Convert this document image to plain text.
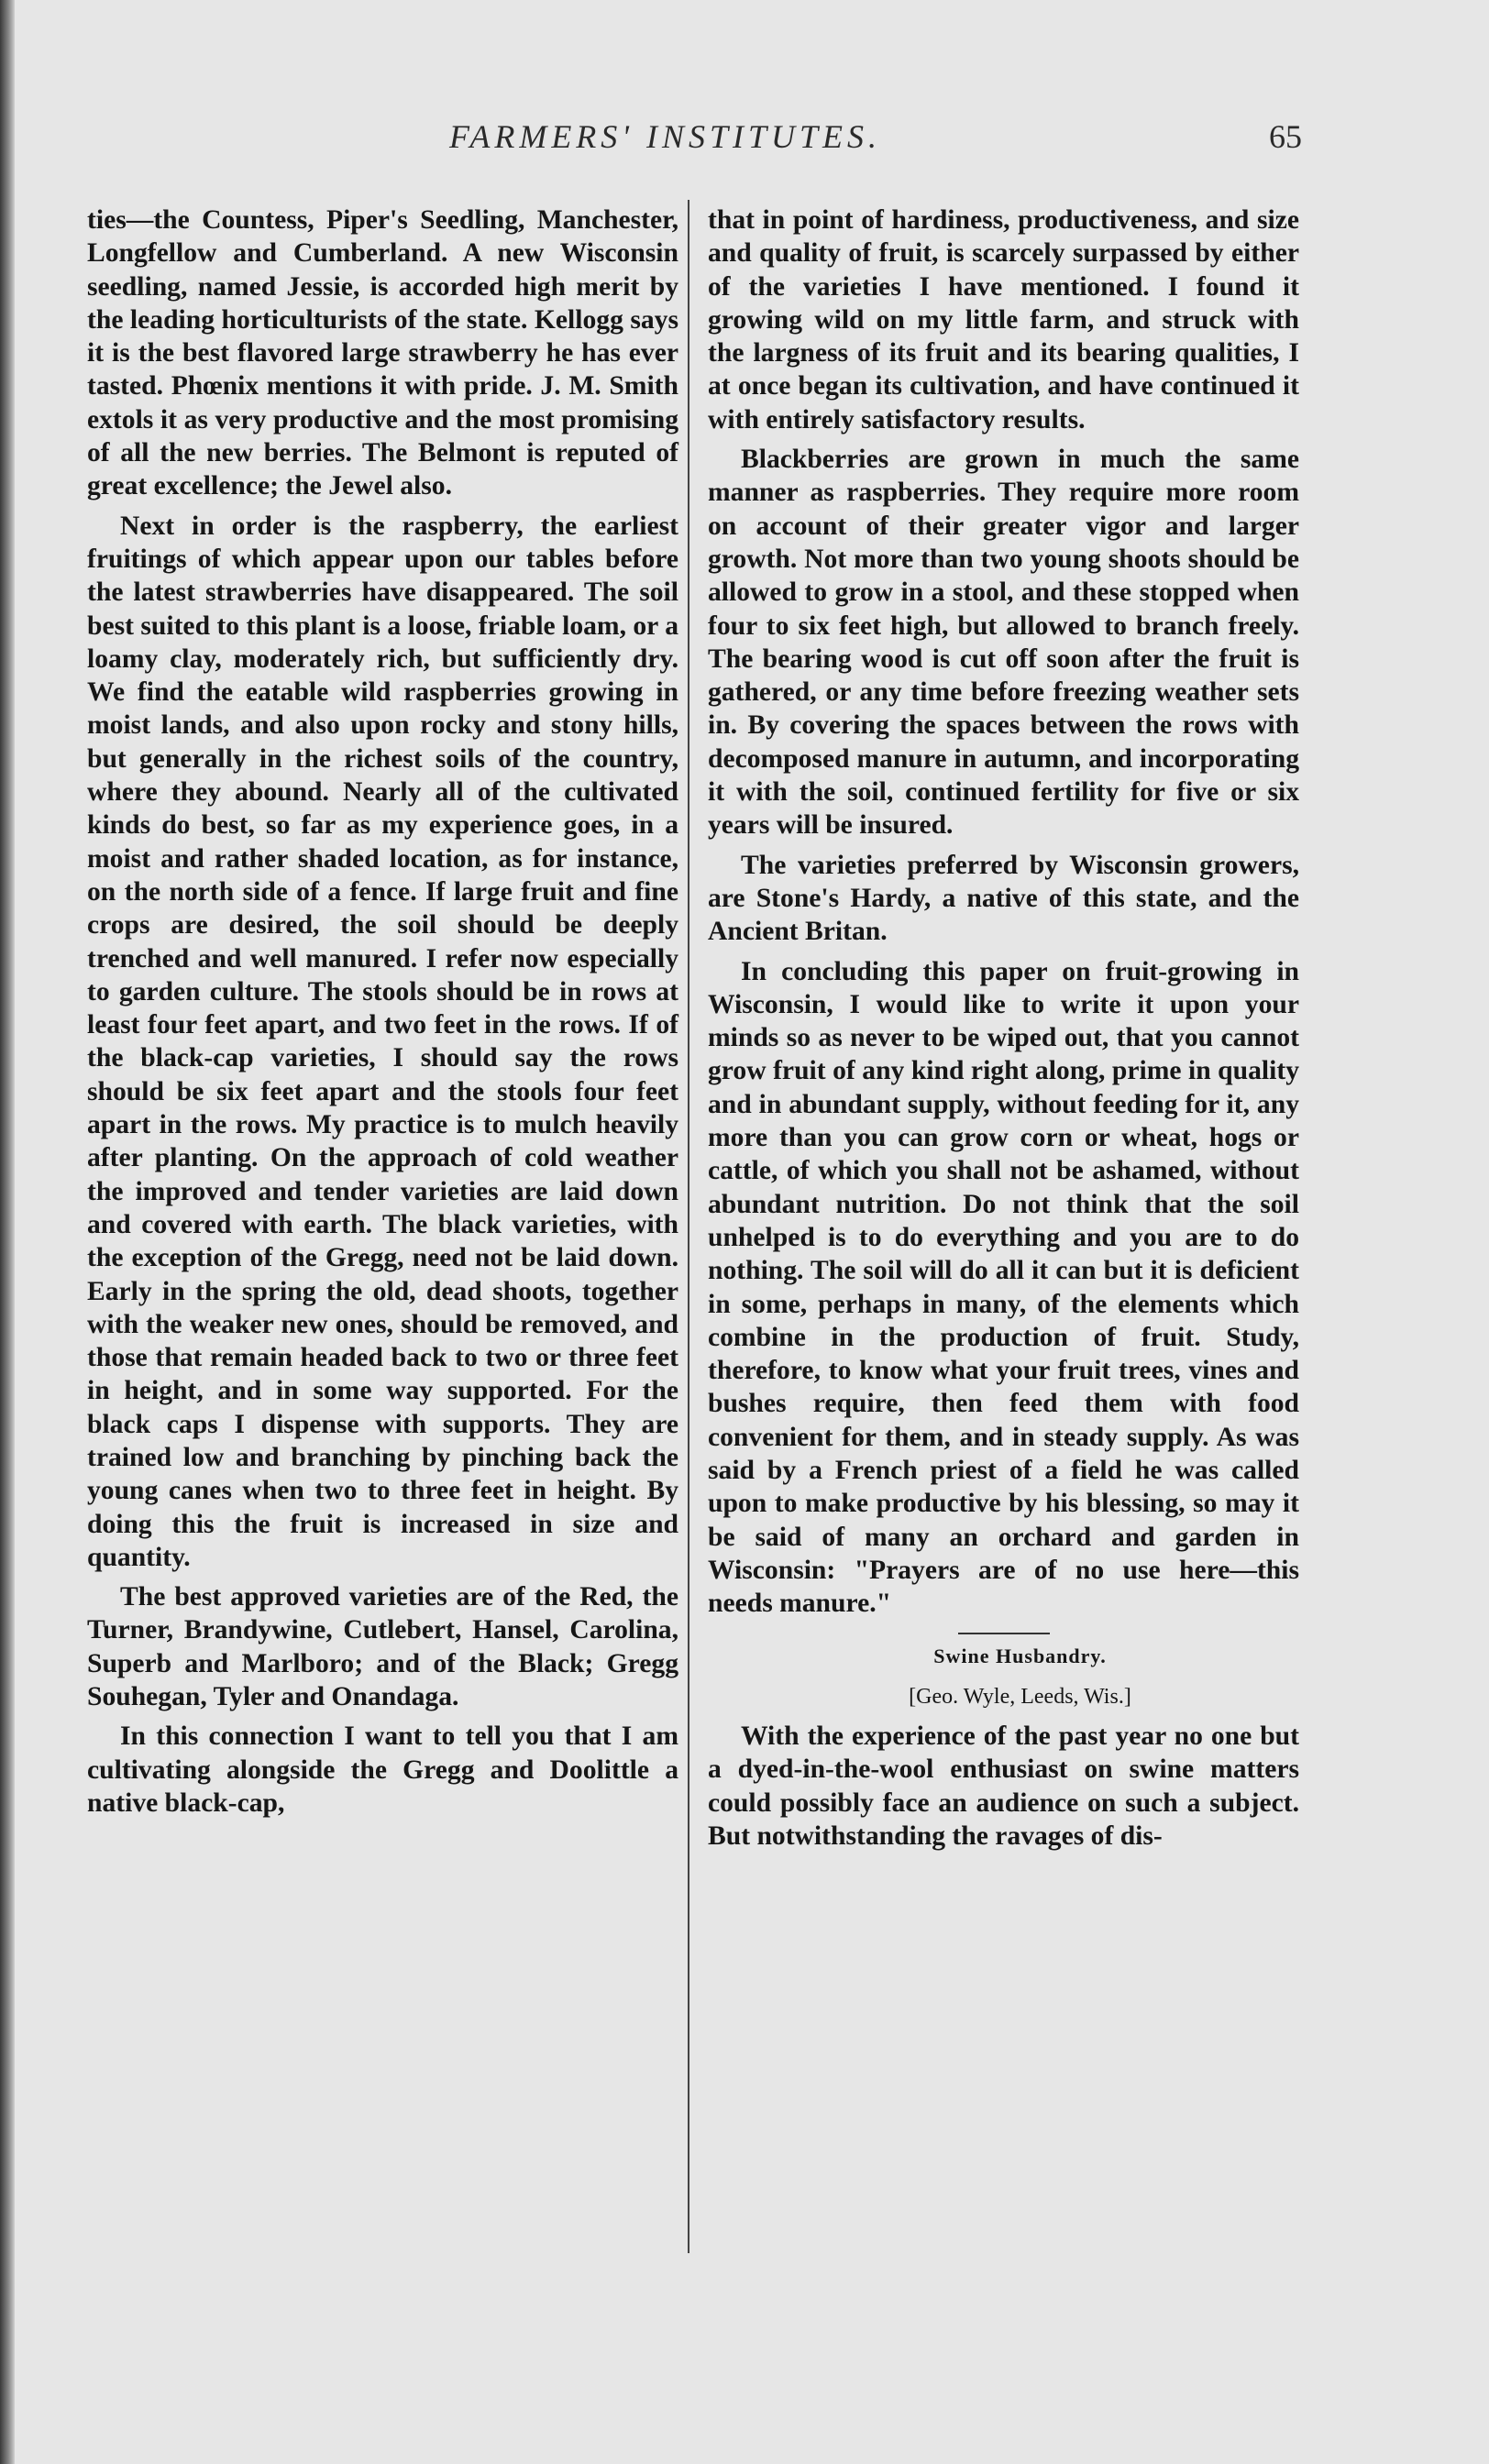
FARMERS' INSTITUTES.	65

ties—the Countess, Piper's Seedling, Manchester, Longfellow and Cumberland. A new Wisconsin seedling, named Jessie, is accorded high merit by the leading horticulturists of the state. Kellogg says it is the best flavored large strawberry he has ever tasted. Phœnix mentions it with pride. J. M. Smith extols it as very productive and the most promising of all the new berries. The Belmont is reputed of great excellence; the Jewel also.

Next in order is the raspberry, the earliest fruitings of which appear upon our tables before the latest strawberries have disappeared. The soil best suited to this plant is a loose, friable loam, or a loamy clay, moderately rich, but sufficiently dry. We find the eatable wild raspberries growing in moist lands, and also upon rocky and stony hills, but generally in the richest soils of the country, where they abound. Nearly all of the cultivated kinds do best, so far as my experience goes, in a moist and rather shaded location, as for instance, on the north side of a fence. If large fruit and fine crops are desired, the soil should be deeply trenched and well manured. I refer now especially to garden culture. The stools should be in rows at least four feet apart, and two feet in the rows. If of the black-cap varieties, I should say the rows should be six feet apart and the stools four feet apart in the rows. My practice is to mulch heavily after planting. On the approach of cold weather the improved and tender varieties are laid down and covered with earth. The black varieties, with the exception of the Gregg, need not be laid down. Early in the spring the old, dead shoots, together with the weaker new ones, should be removed, and those that remain headed back to two or three feet in height, and in some way supported. For the black caps I dispense with supports. They are trained low and branching by pinching back the young canes when two to three feet in height. By doing this the fruit is increased in size and quantity.

The best approved varieties are of the Red, the Turner, Brandywine, Cutlebert, Hansel, Carolina, Superb and Marlboro; and of the Black; Gregg Souhegan, Tyler and Onandaga.

In this connection I want to tell you that I am cultivating alongside the Gregg and Doolittle a native black-cap,

that in point of hardiness, productiveness, and size and quality of fruit, is scarcely surpassed by either of the varieties I have mentioned. I found it growing wild on my little farm, and struck with the largness of its fruit and its bearing qualities, I at once began its cultivation, and have continued it with entirely satisfactory results.

Blackberries are grown in much the same manner as raspberries. They require more room on account of their greater vigor and larger growth. Not more than two young shoots should be allowed to grow in a stool, and these stopped when four to six feet high, but allowed to branch freely. The bearing wood is cut off soon after the fruit is gathered, or any time before freezing weather sets in. By covering the spaces between the rows with decomposed manure in autumn, and incorporating it with the soil, continued fertility for five or six years will be insured.

The varieties preferred by Wisconsin growers, are Stone's Hardy, a native of this state, and the Ancient Britan.

In concluding this paper on fruit-growing in Wisconsin, I would like to write it upon your minds so as never to be wiped out, that you cannot grow fruit of any kind right along, prime in quality and in abundant supply, without feeding for it, any more than you can grow corn or wheat, hogs or cattle, of which you shall not be ashamed, without abundant nutrition. Do not think that the soil unhelped is to do everything and you are to do nothing. The soil will do all it can but it is deficient in some, perhaps in many, of the elements which combine in the production of fruit. Study, therefore, to know what your fruit trees, vines and bushes require, then feed them with food convenient for them, and in steady supply. As was said by a French priest of a field he was called upon to make productive by his blessing, so may it be said of many an orchard and garden in Wisconsin: "Prayers are of no use here—this needs manure."

Swine Husbandry.

[Geo. Wyle, Leeds, Wis.]

With the experience of the past year no one but a dyed-in-the-wool enthusiast on swine matters could possibly face an audience on such a subject. But notwithstanding the ravages of dis-
